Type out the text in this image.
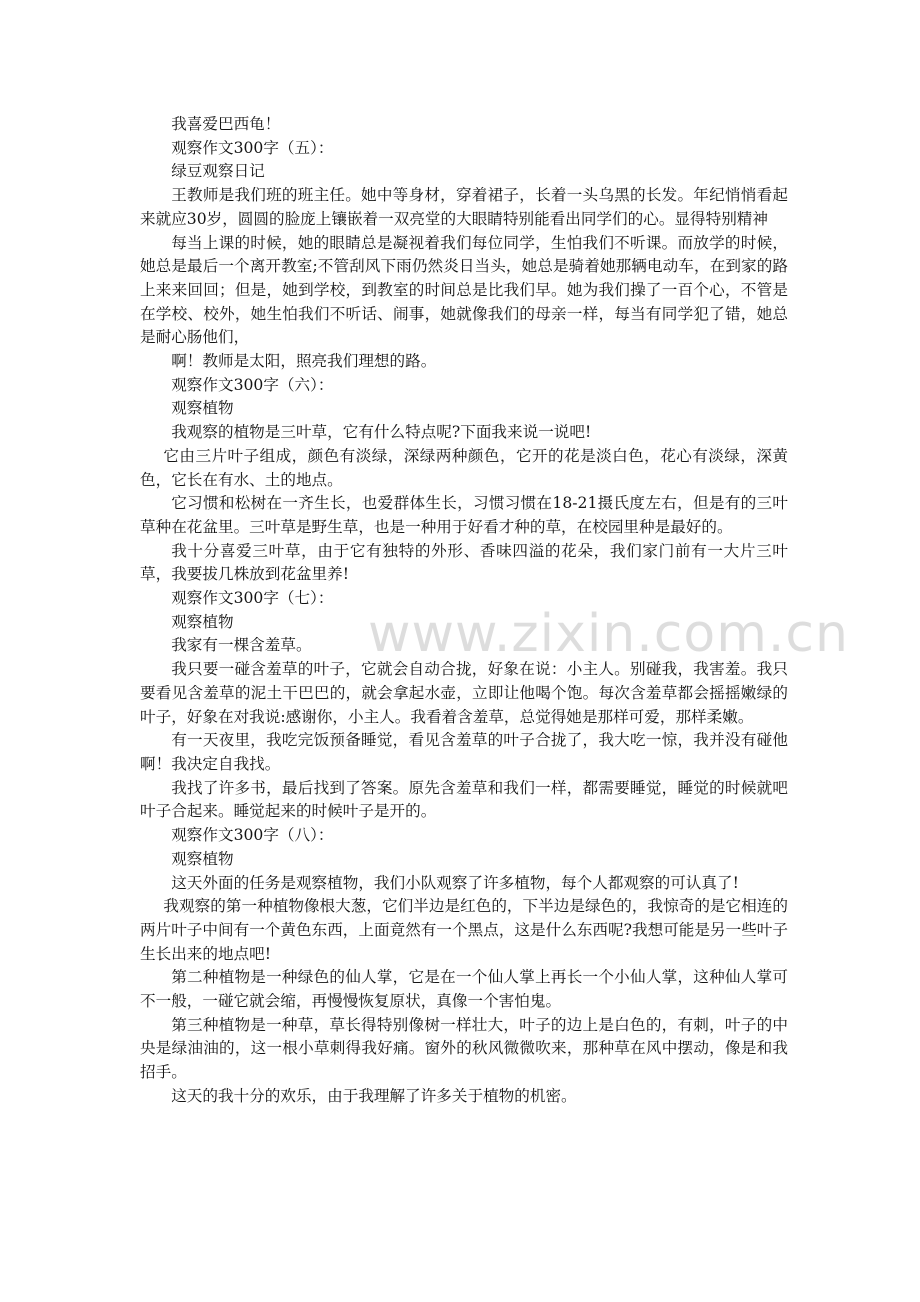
我喜爱巴西龟！

观察作文300字（五）：

绿豆观察日记

王教师是我们班的班主任。她中等身材，穿着裙子，长着一头乌黑的长发。年纪悄悄看起来就应30岁，圆圆的脸庞上镶嵌着一双亮堂的大眼睛特别能看出同学们的心。显得特别精神

每当上课的时候，她的眼睛总是凝视着我们每位同学，生怕我们不听课。而放学的时候，她总是最后一个离开教室;不管刮风下雨仍然炎日当头，她总是骑着她那辆电动车，在到家的路上来来回回；但是，她到学校，到教室的时间总是比我们早。她为我们操了一百个心，不管是在学校、校外，她生怕我们不听话、闹事，她就像我们的母亲一样，每当有同学犯了错，她总是耐心肠他们，

啊！教师是太阳，照亮我们理想的路。

观察作文300字（六）：

观察植物

我观察的植物是三叶草，它有什么特点呢?下面我来说一说吧!

它由三片叶子组成，颜色有淡绿，深绿两种颜色，它开的花是淡白色，花心有淡绿，深黄色，它长在有水、土的地点。

它习惯和松树在一齐生长，也爱群体生长，习惯习惯在18-21摄氏度左右，但是有的三叶草种在花盆里。三叶草是野生草，也是一种用于好看才种的草，在校园里种是最好的。

我十分喜爱三叶草，由于它有独特的外形、香味四溢的花朵，我们家门前有一大片三叶草，我要拔几株放到花盆里养!

观察作文300字（七）：

观察植物

我家有一棵含羞草。

我只要一碰含羞草的叶子，它就会自动合拢，好象在说：小主人。别碰我，我害羞。我只要看见含羞草的泥土干巴巴的，就会拿起水壶，立即让他喝个饱。每次含羞草都会摇摇嫩绿的叶子，好象在对我说:感谢你，小主人。我看着含羞草，总觉得她是那样可爱，那样柔嫩。

有一天夜里，我吃完饭预备睡觉，看见含羞草的叶子合拢了，我大吃一惊，我并没有碰他啊！我决定自我找。

我找了许多书，最后找到了答案。原先含羞草和我们一样，都需要睡觉，睡觉的时候就吧叶子合起来。睡觉起来的时候叶子是开的。

观察作文300字（八）：

观察植物

这天外面的任务是观察植物，我们小队观察了许多植物，每个人都观察的可认真了!

我观察的第一种植物像根大葱，它们半边是红色的，下半边是绿色的，我惊奇的是它相连的两片叶子中间有一个黄色东西，上面竟然有一个黑点，这是什么东西呢?我想可能是另一些叶子生长出来的地点吧!

第二种植物是一种绿色的仙人掌，它是在一个仙人掌上再长一个小仙人掌，这种仙人掌可不一般，一碰它就会缩，再慢慢恢复原状，真像一个害怕鬼。

第三种植物是一种草，草长得特别像树一样壮大，叶子的边上是白色的，有刺，叶子的中央是绿油油的，这一根小草刺得我好痛。窗外的秋风微微吹来，那种草在风中摆动，像是和我招手。

这天的我十分的欢乐，由于我理解了许多关于植物的机密。

www.zixin.com.cn
